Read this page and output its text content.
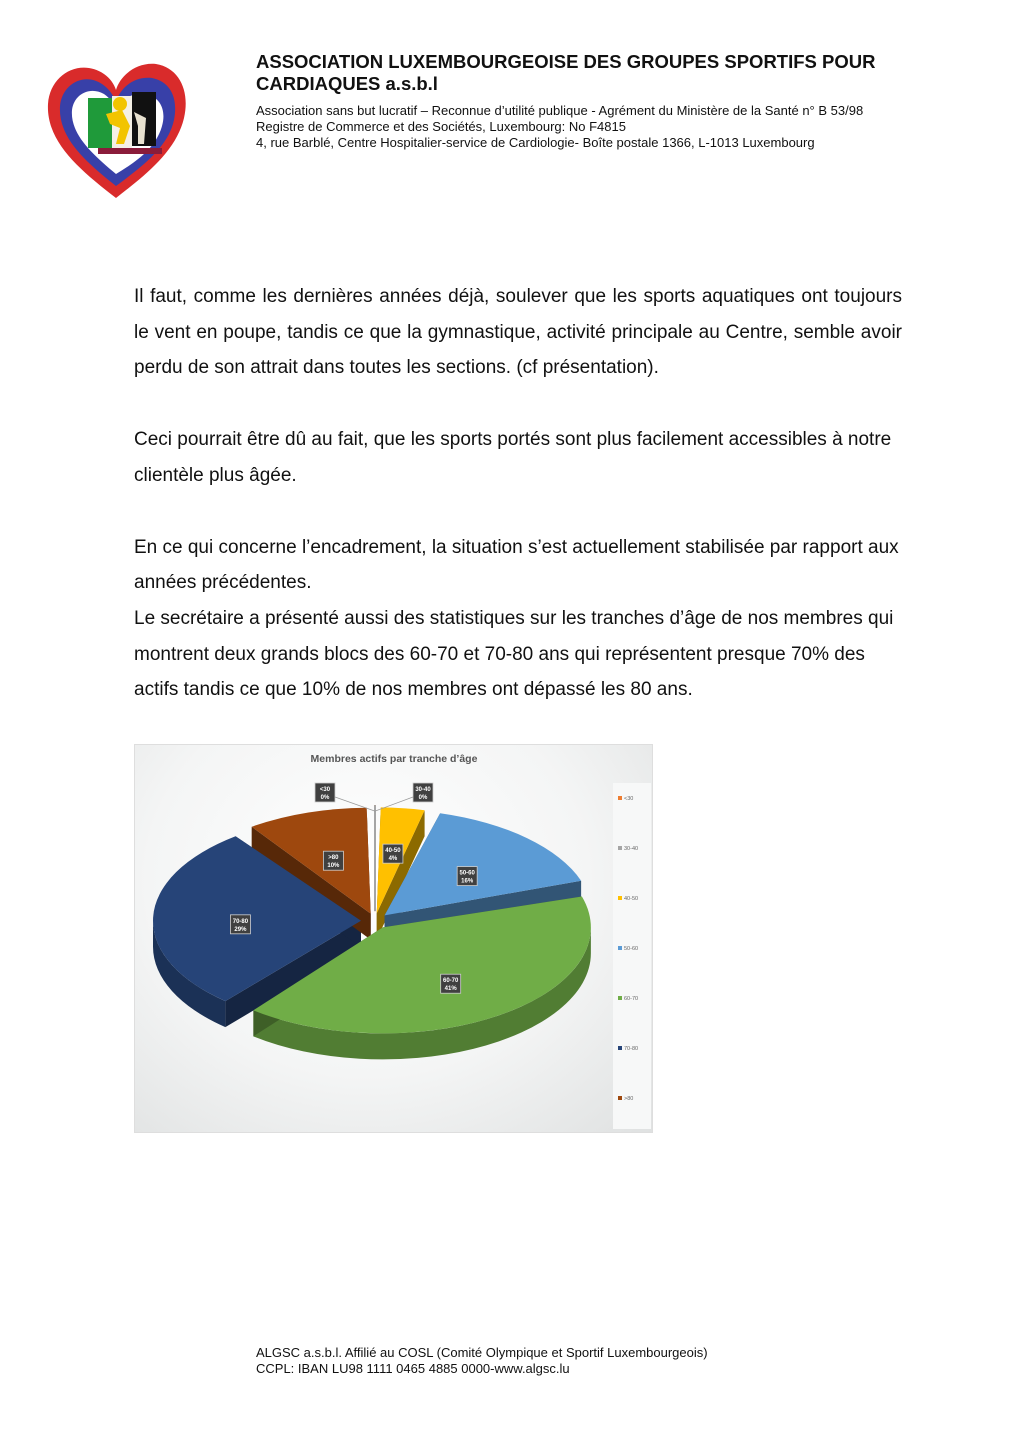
ASSOCIATION LUXEMBOURGEOISE DES GROUPES SPORTIFS POUR
CARDIAQUES a.s.b.l
Association sans but lucratif – Reconnue d’utilité publique - Agrément du Ministère de la Santé n° B 53/98
Registre de Commerce et des Sociétés, Luxembourg: No F4815
4, rue Barblé, Centre Hospitalier-service de Cardiologie- Boîte postale 1366, L-1013 Luxembourg

Il faut, comme les dernières années déjà, soulever que les sports aquatiques ont toujours le vent en poupe, tandis ce que la gymnastique, activité principale au Centre, semble avoir perdu de son attrait dans toutes les sections. (cf présentation).

Ceci pourrait être dû au fait, que les sports portés sont plus facilement accessibles à notre clientèle plus âgée.

En ce qui concerne l’encadrement, la situation s’est actuellement stabilisée par rapport aux années précédentes.

Le secrétaire a présenté aussi des statistiques sur les tranches d’âge de nos membres qui montrent deux grands blocs des 60-70 et 70-80 ans qui représentent presque 70% des actifs tandis ce que 10% de nos membres ont dépassé les 80 ans.

Membres actifs par tranche d’âge
<30
0%
30-40
0%
40-50
4%
50-60
16%
60-70
41%
70-80
29%
>80
10%
<30
30-40
40-50
50-60
60-70
70-80
>80
ALGSC a.s.b.l. Affilié au COSL (Comité Olympique et Sportif Luxembourgeois)
CCPL: IBAN LU98 1111 0465 4885 0000-www.algsc.lu
